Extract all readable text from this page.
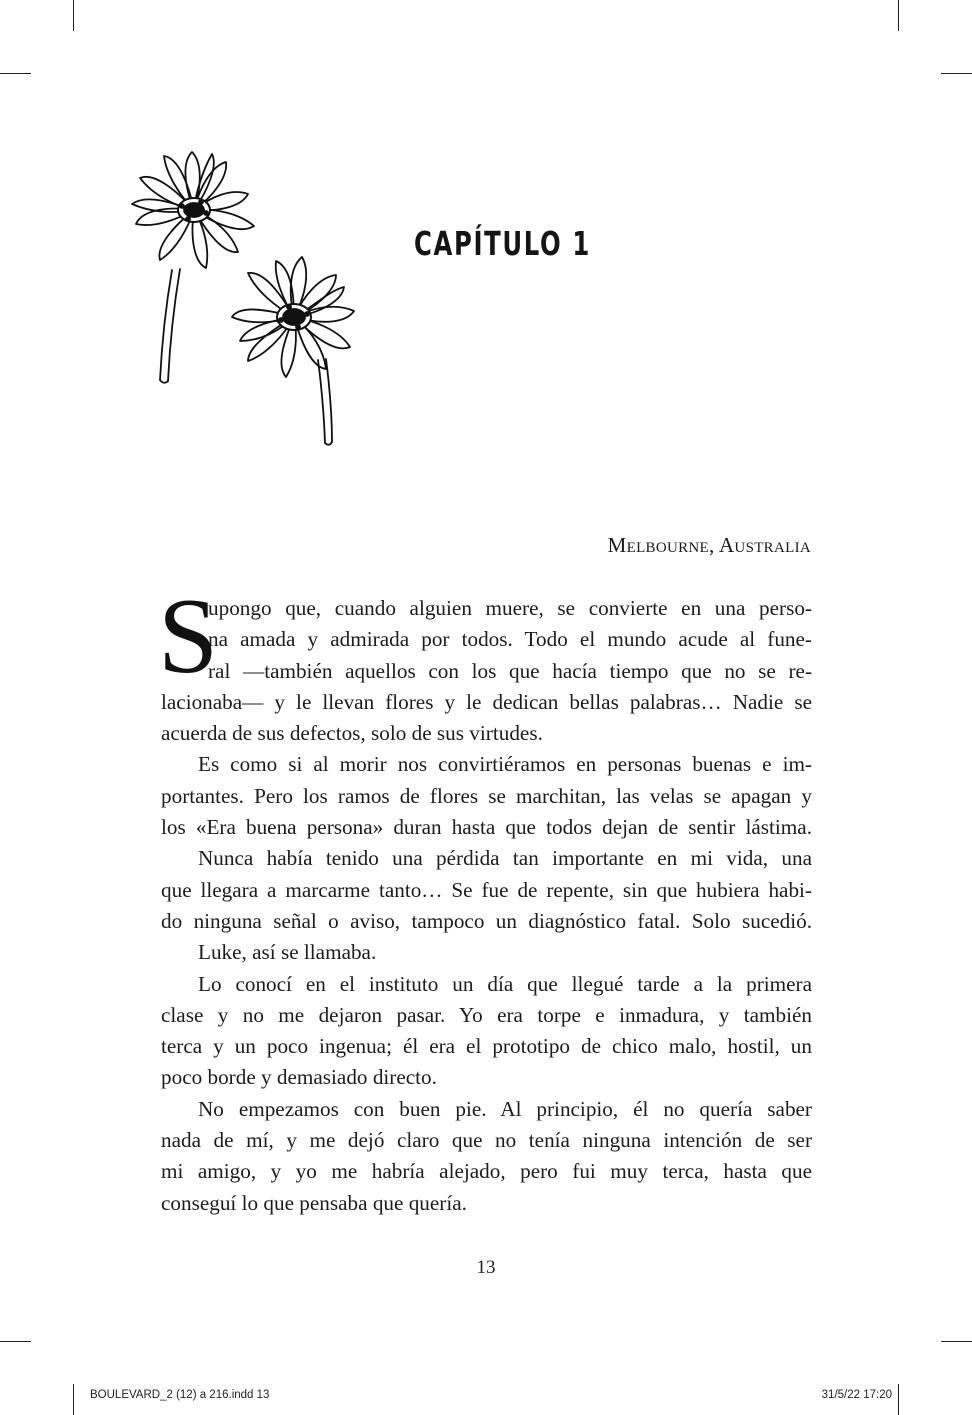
CAPÍTULO 1
Melbourne, Australia
S
upongo que, cuando alguien muere, se convierte en una perso-
na amada y admirada por todos. Todo el mundo acude al fune-
ral —también aquellos con los que hacía tiempo que no se re-
lacionaba— y le llevan flores y le dedican bellas palabras… Nadie se
acuerda de sus defectos, solo de sus virtudes.
Es como si al morir nos convirtiéramos en personas buenas e im-
portantes. Pero los ramos de flores se marchitan, las velas se apagan y
los «Era buena persona» duran hasta que todos dejan de sentir lástima.
Nunca había tenido una pérdida tan importante en mi vida, una
que llegara a marcarme tanto… Se fue de repente, sin que hubiera habi-
do ninguna señal o aviso, tampoco un diagnóstico fatal. Solo sucedió.
Luke, así se llamaba.
Lo conocí en el instituto un día que llegué tarde a la primera
clase y no me dejaron pasar. Yo era torpe e inmadura, y también
terca y un poco ingenua; él era el prototipo de chico malo, hostil, un
poco borde y demasiado directo.
No empezamos con buen pie. Al principio, él no quería saber
nada de mí, y me dejó claro que no tenía ninguna intención de ser
mi amigo, y yo me habría alejado, pero fui muy terca, hasta que
conseguí lo que pensaba que quería.
13
BOULEVARD_2 (12) a 216.indd 13	31/5/22 17:20
